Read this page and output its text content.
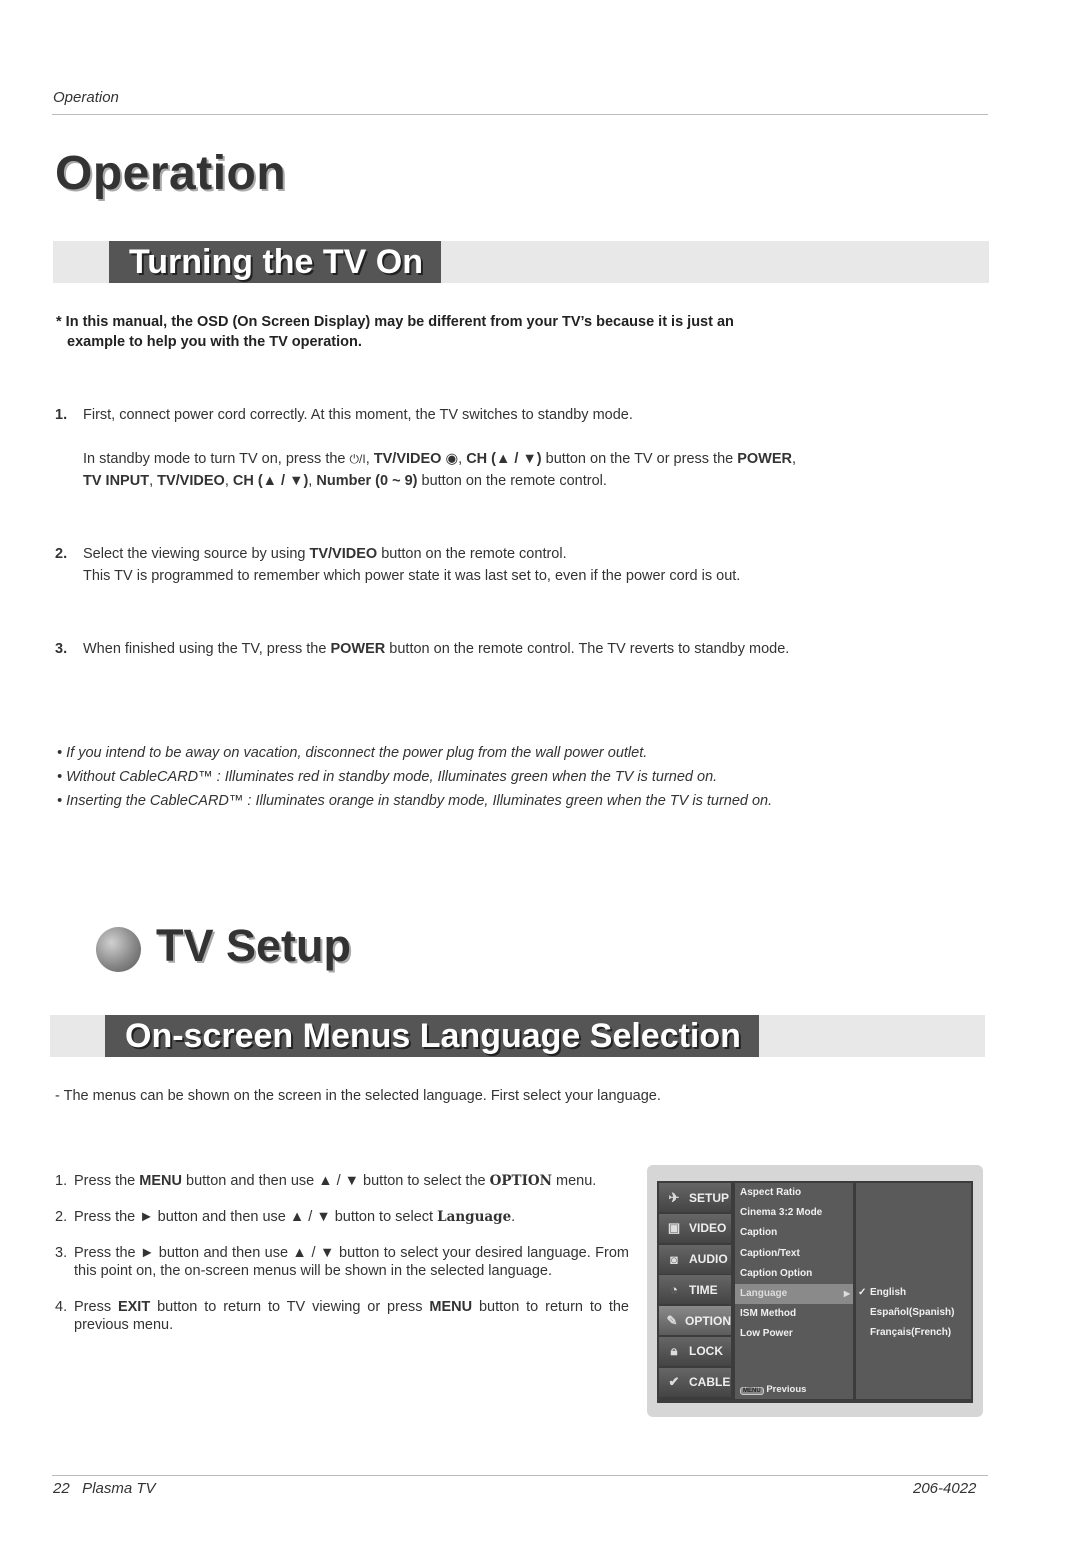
Operation
Operation
Turning the TV On
* In this manual, the OSD (On Screen Display) may be different from your TV’s because it is just an
example to help you with the TV operation.
1. First, connect power cord correctly. At this moment, the TV switches to standby mode.
In standby mode to turn TV on, press the ⏻/I, TV/VIDEO ◉, CH (▲ / ▼) button on the TV or press the POWER,
TV INPUT, TV/VIDEO, CH (▲ / ▼), Number (0 ~ 9) button on the remote control.
2. Select the viewing source by using TV/VIDEO button on the remote control.
This TV is programmed to remember which power state it was last set to, even if the power cord is out.
3. When finished using the TV, press the POWER button on the remote control. The TV reverts to standby mode.
• If you intend to be away on vacation, disconnect the power plug from the wall power outlet.
• Without CableCARD™ : Illuminates red in standby mode, Illuminates green when the TV is turned on.
• Inserting the CableCARD™ : Illuminates orange in standby mode, Illuminates green when the TV is turned on.
TV Setup
On-screen Menus Language Selection
- The menus can be shown on the screen in the selected language. First select your language.
1. Press the MENU button and then use ▲ / ▼ button to select the OPTION menu.
2. Press the ► button and then use ▲ / ▼ button to select Language.
3. Press the ► button and then use ▲ / ▼ button to select your desired language. From this point on, the on-screen menus will be shown in the selected language.
4. Press EXIT button to return to TV viewing or press MENU button to return to the previous menu.
✈ SETUP
▣ VIDEO
◙ AUDIO
◔ TIME
✎ OPTION
🔒︎ LOCK
✔ CABLE
Aspect Ratio
Cinema 3:2 Mode
Caption
Caption/Text
Caption Option
Language	▶
ISM Method
Low Power
MENU Previous
✓ English
Español(Spanish)
Français(French)
22   Plasma TV	206-4022
